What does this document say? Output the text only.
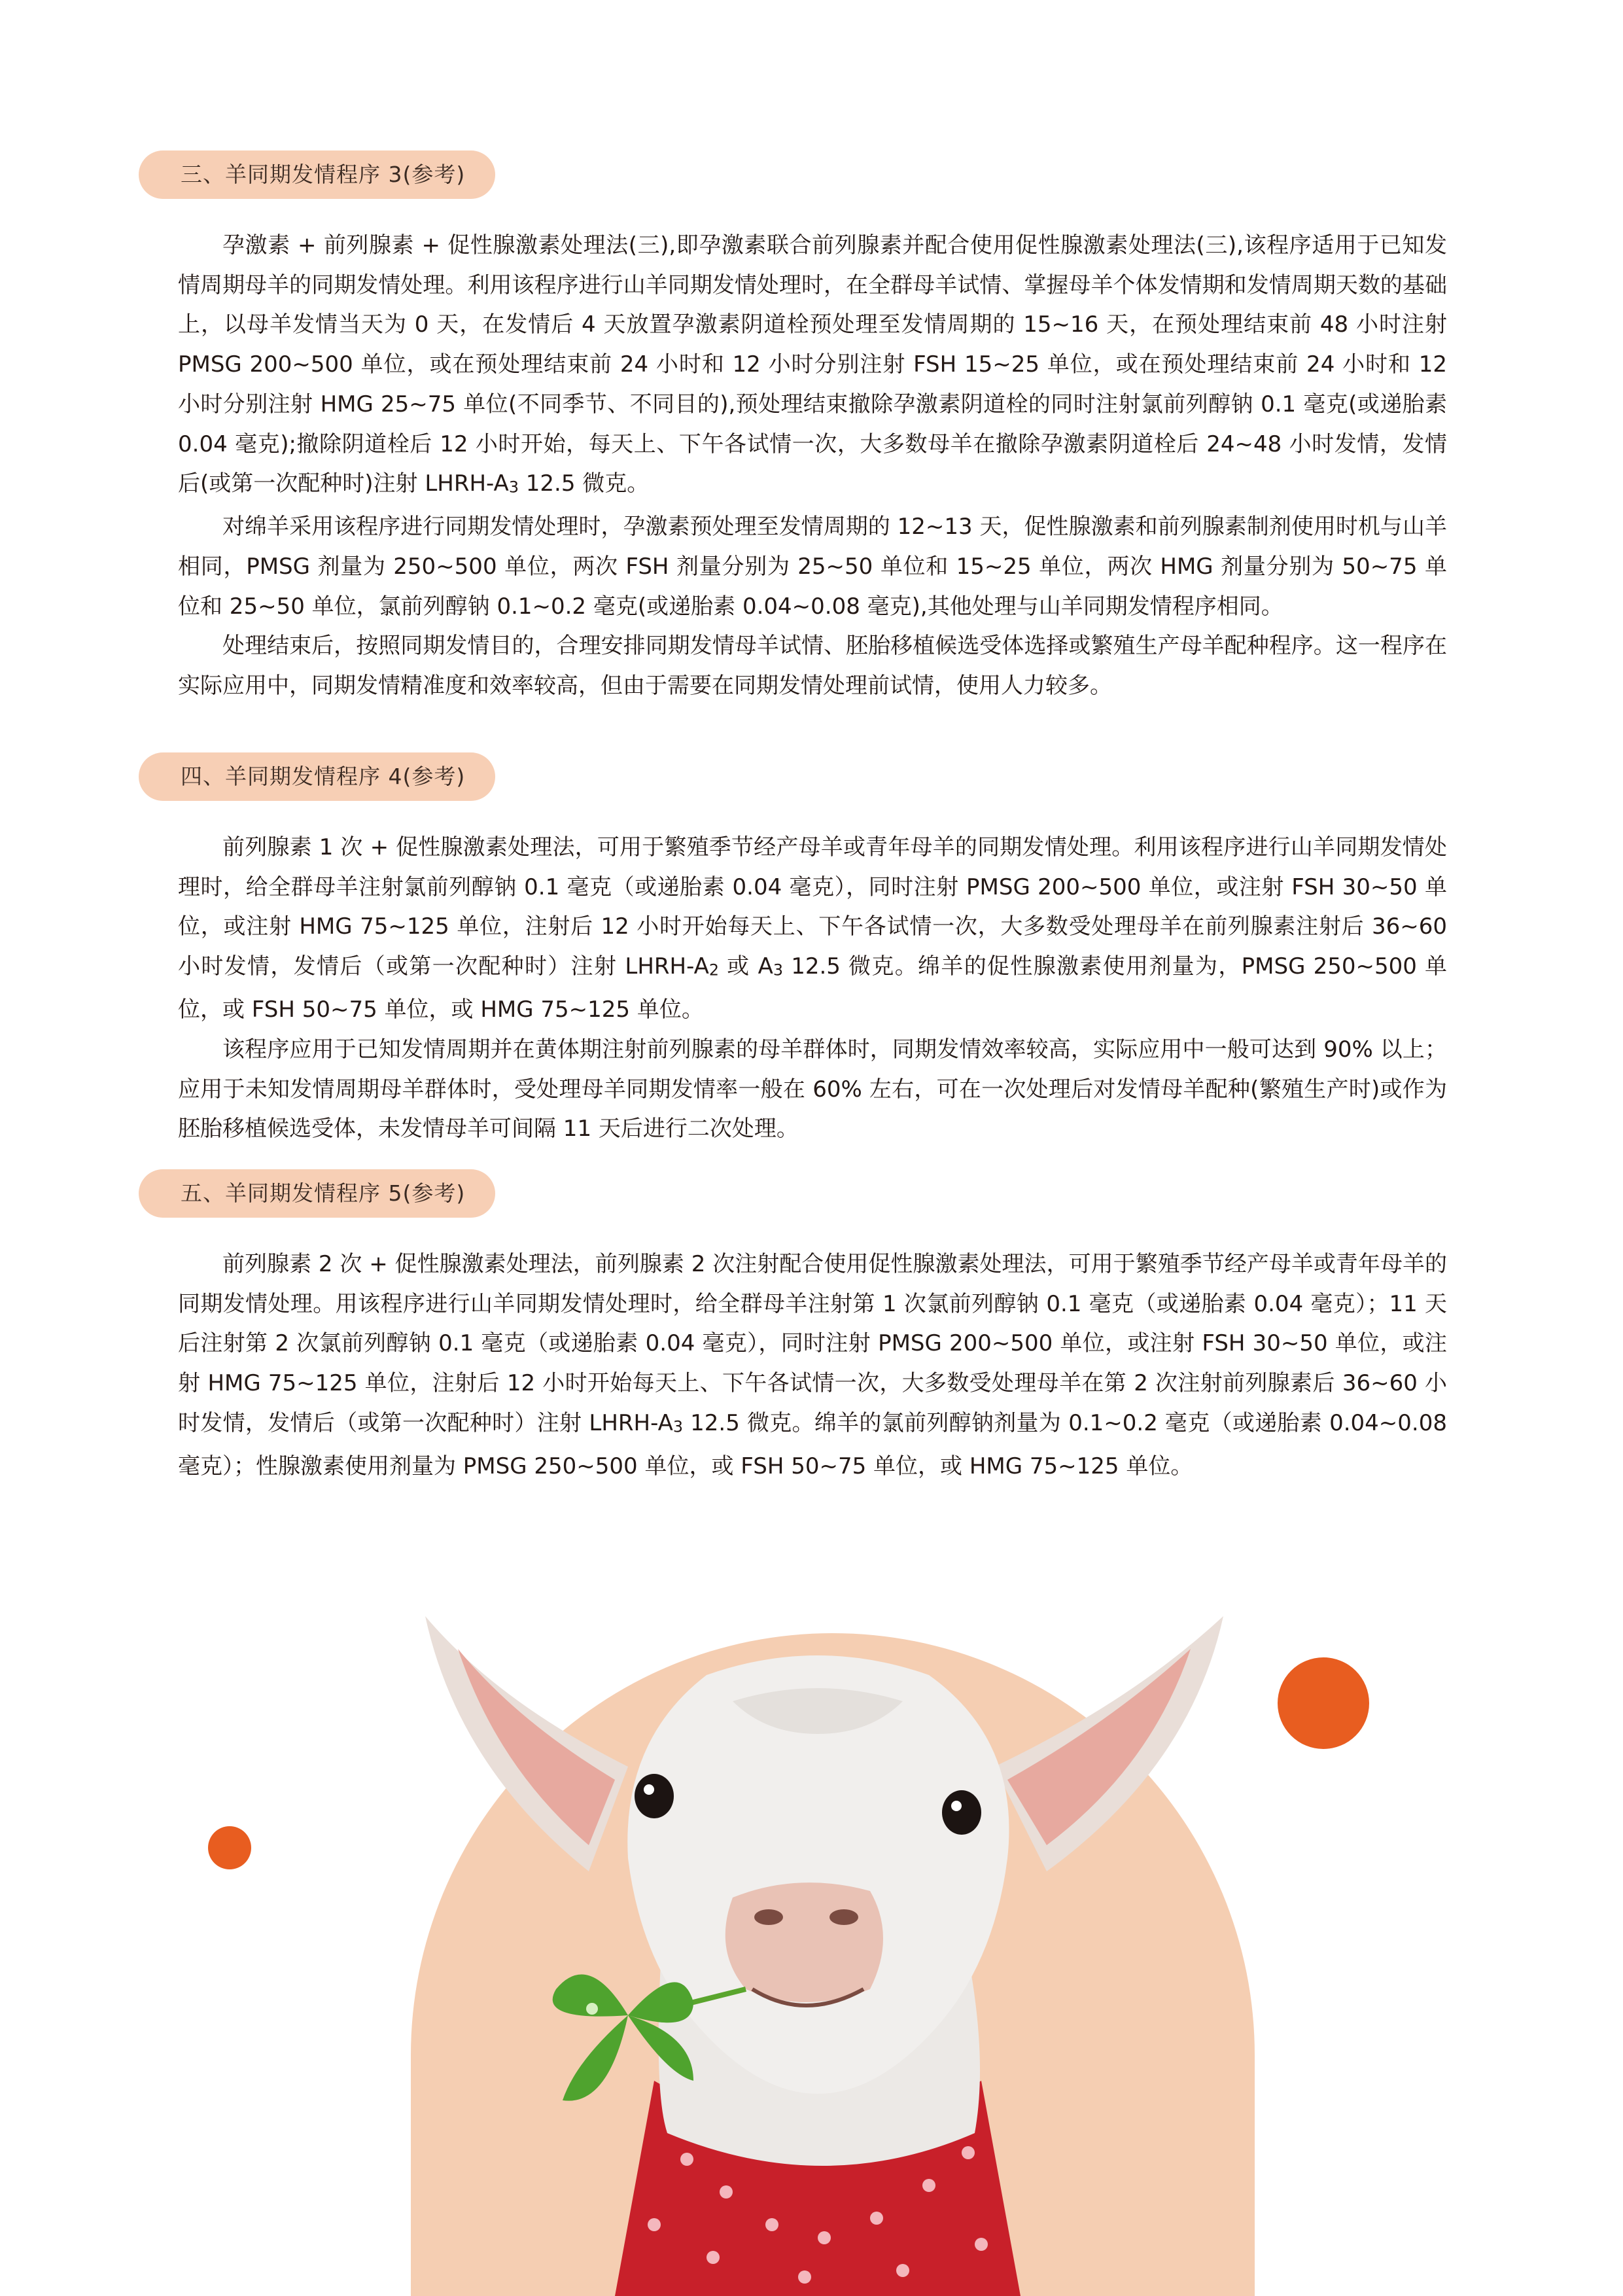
三、羊同期发情程序 3(参考)

孕激素 + 前列腺素 + 促性腺激素处理法(三),即孕激素联合前列腺素并配合使用促性腺激素处理法(三),该程序适用于已知发情周期母羊的同期发情处理。利用该程序进行山羊同期发情处理时，在全群母羊试情、掌握母羊个体发情期和发情周期天数的基础上，以母羊发情当天为 0 天，在发情后 4 天放置孕激素阴道栓预处理至发情周期的 15~16 天，在预处理结束前 48 小时注射 PMSG 200~500 单位，或在预处理结束前 24 小时和 12 小时分别注射 FSH 15~25 单位，或在预处理结束前 24 小时和 12 小时分别注射 HMG 25~75 单位(不同季节、不同目的),预处理结束撤除孕激素阴道栓的同时注射氯前列醇钠 0.1 毫克(或递胎素 0.04 毫克);撤除阴道栓后 12 小时开始，每天上、下午各试情一次，大多数母羊在撤除孕激素阴道栓后 24~48 小时发情，发情后(或第一次配种时)注射 LHRH-A3 12.5 微克。

对绵羊采用该程序进行同期发情处理时，孕激素预处理至发情周期的 12~13 天，促性腺激素和前列腺素制剂使用时机与山羊相同，PMSG 剂量为 250~500 单位，两次 FSH 剂量分别为 25~50 单位和 15~25 单位，两次 HMG 剂量分别为 50~75 单位和 25~50 单位，氯前列醇钠 0.1~0.2 毫克(或递胎素 0.04~0.08 毫克),其他处理与山羊同期发情程序相同。

处理结束后，按照同期发情目的，合理安排同期发情母羊试情、胚胎移植候选受体选择或繁殖生产母羊配种程序。这一程序在实际应用中，同期发情精准度和效率较高，但由于需要在同期发情处理前试情，使用人力较多。

四、羊同期发情程序 4(参考)

前列腺素 1 次 + 促性腺激素处理法，可用于繁殖季节经产母羊或青年母羊的同期发情处理。利用该程序进行山羊同期发情处理时，给全群母羊注射氯前列醇钠 0.1 毫克（或递胎素 0.04 毫克），同时注射 PMSG 200~500 单位，或注射 FSH 30~50 单位，或注射 HMG 75~125 单位，注射后 12 小时开始每天上、下午各试情一次，大多数受处理母羊在前列腺素注射后 36~60 小时发情，发情后（或第一次配种时）注射 LHRH-A2 或 A3 12.5 微克。绵羊的促性腺激素使用剂量为，PMSG 250~500 单位，或 FSH 50~75 单位，或 HMG 75~125 单位。

该程序应用于已知发情周期并在黄体期注射前列腺素的母羊群体时，同期发情效率较高，实际应用中一般可达到 90% 以上；应用于未知发情周期母羊群体时，受处理母羊同期发情率一般在 60% 左右，可在一次处理后对发情母羊配种(繁殖生产时)或作为胚胎移植候选受体，未发情母羊可间隔 11 天后进行二次处理。

五、羊同期发情程序 5(参考)

前列腺素 2 次 + 促性腺激素处理法，前列腺素 2 次注射配合使用促性腺激素处理法，可用于繁殖季节经产母羊或青年母羊的同期发情处理。用该程序进行山羊同期发情处理时，给全群母羊注射第 1 次氯前列醇钠 0.1 毫克（或递胎素 0.04 毫克）；11 天后注射第 2 次氯前列醇钠 0.1 毫克（或递胎素 0.04 毫克），同时注射 PMSG 200~500 单位，或注射 FSH 30~50 单位，或注射 HMG 75~125 单位，注射后 12 小时开始每天上、下午各试情一次，大多数受处理母羊在第 2 次注射前列腺素后 36~60 小时发情，发情后（或第一次配种时）注射 LHRH-A3 12.5 微克。绵羊的氯前列醇钠剂量为 0.1~0.2 毫克（或递胎素 0.04~0.08 毫克）；性腺激素使用剂量为 PMSG 250~500 单位，或 FSH 50~75 单位，或 HMG 75~125 单位。
